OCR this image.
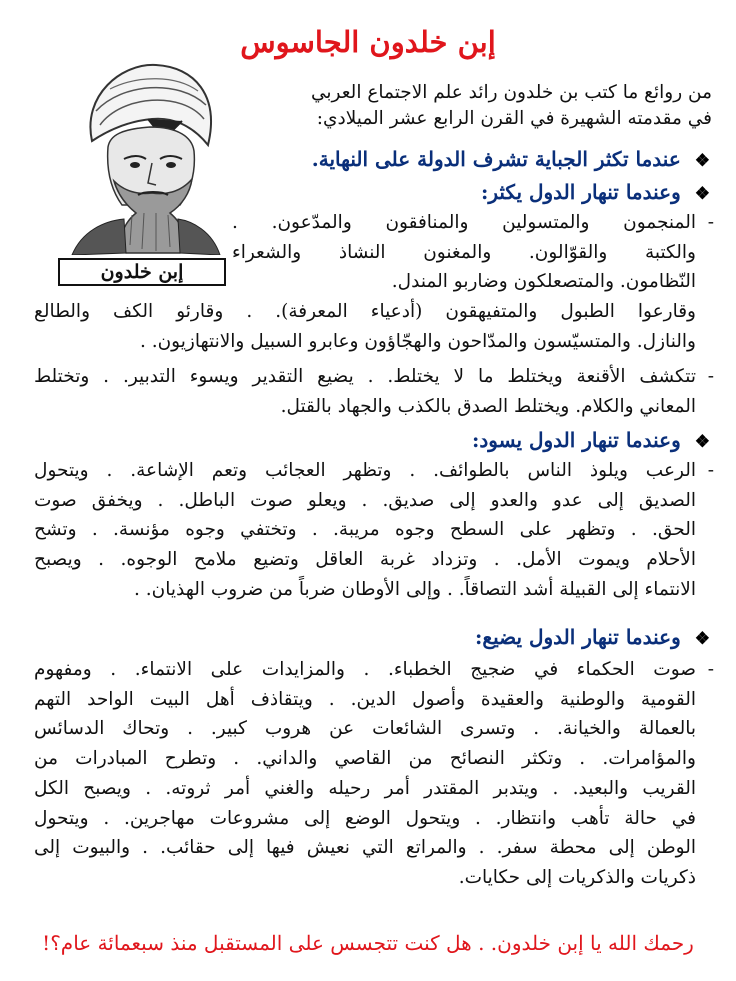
إبن خلدون الجاسوس
إبن خلدون
من روائع ما كتب بن خلدون رائد علم الاجتماع العربي
في مقدمته الشهيرة في القرن الرابع عشر الميلادي:
❖عندما تكثر الجباية تشرف الدولة على النهاية.
❖وعندما تنهار الدول يكثر:
-
المنجمون والمتسولين والمنافقون والمدّعون. .
والكتبة والقوّالون. والمغنون النشاذ والشعراء
النّظامون. والمتصعلكون وضاربو المندل.
وقارعوا الطبول والمتفيهقون (أدعياء المعرفة). . وقارئو الكف والطالع
والنازل. والمتسيّسون والمدّاحون والهجّاؤون وعابرو السبيل والانتهازيون. .
-
تتكشف الأقنعة ويختلط ما لا يختلط. . يضيع التقدير ويسوء التدبير. . وتختلط
المعاني والكلام. ويختلط الصدق بالكذب والجهاد بالقتل.
❖وعندما تنهار الدول يسود:
-
الرعب ويلوذ الناس بالطوائف. . وتظهر العجائب وتعم الإشاعة. . ويتحول
الصديق إلى عدو والعدو إلى صديق. . ويعلو صوت الباطل. . ويخفق صوت
الحق. . وتظهر على السطح وجوه مريبة. . وتختفي وجوه مؤنسة. . وتشح
الأحلام ويموت الأمل. . وتزداد غربة العاقل وتضيع ملامح الوجوه. . ويصبح
الانتماء إلى القبيلة أشد التصاقاً. . وإلى الأوطان ضرباً من ضروب الهذيان. .
❖وعندما تنهار الدول يضيع:
-
صوت الحكماء في ضجيج الخطباء. . والمزايدات على الانتماء. . ومفهوم
القومية والوطنية والعقيدة وأصول الدين. . ويتقاذف أهل البيت الواحد التهم
بالعمالة والخيانة. . وتسرى الشائعات عن هروب كبير. . وتحاك الدسائس
والمؤامرات. . وتكثر النصائح من القاصي والداني. . وتطرح المبادرات من
القريب والبعيد. . ويتدبر المقتدر أمر رحيله والغني أمر ثروته. . ويصبح الكل
في حالة تأهب وانتظار. . ويتحول الوضع إلى مشروعات مهاجرين. . ويتحول
الوطن إلى محطة سفر. . والمراتع التي نعيش فيها إلى حقائب. . والبيوت إلى
ذكريات والذكريات إلى حكايات.
رحمك الله يا إبن خلدون. . هل كنت تتجسس على المستقبل منذ سبعمائة عام؟!
